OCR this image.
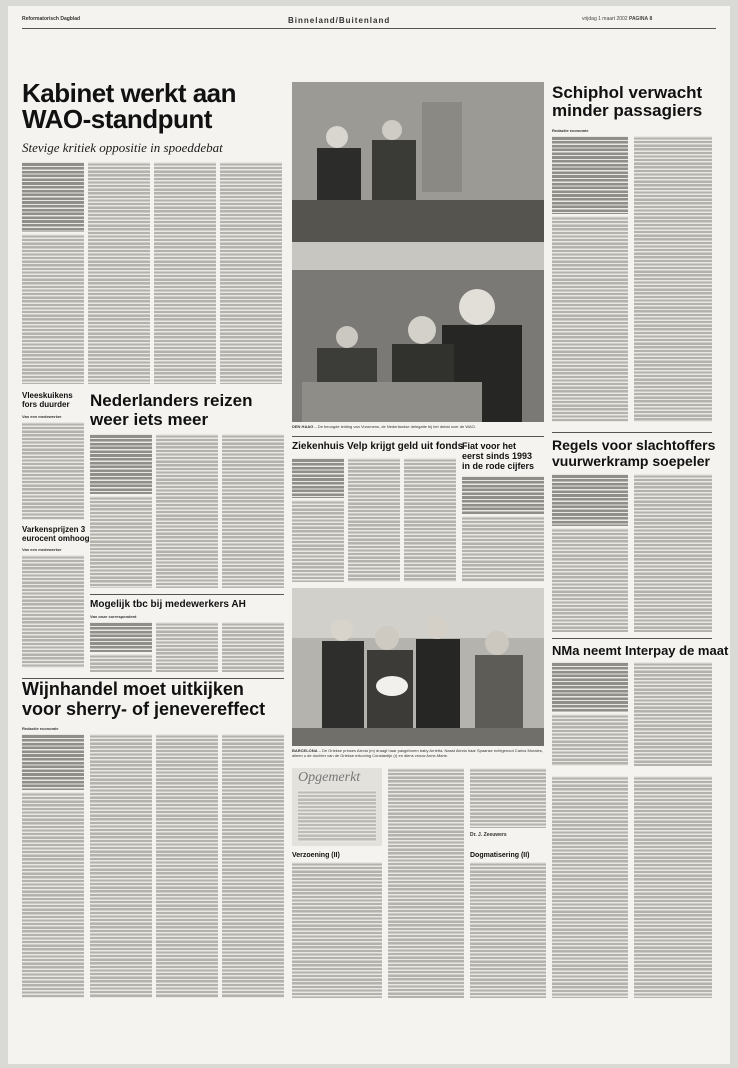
Reformatorisch Dagblad	Binneland/Buitenland	vrijdag 1 maart 2002 PAGINA 8
Kabinet werkt aan
WAO-standpunt
Stevige kritiek oppositie in spoeddebat
DEN HAAG – De beoogde leiding van Vroomens, de Nederlandse delegatie bij het debat over de WAO.
Schiphol verwacht
minder passagiers
Redactie economie
Vleeskuikens
fors duurder
Van een medewerker
Varkensprijzen 3
eurocent omhoog
Van een medewerker
Nederlanders reizen
weer iets meer
Mogelijk tbc bij medewerkers AH
Van onze correspondent
Ziekenhuis Velp krijgt geld uit fonds
Fiat voor het
eerst sinds 1993
in de rode cijfers
BARCELONA – De Griekse prinses Alexia (m) draagt haar pasgeboren baby Arrietta. Naast Alexia haar Spaanse echtgenoot Carlos Morales, alleen u de dochter van de Griekse exkoning Constantijn (r) en diens vrouw Anne-Marie.
Regels voor slachtoffers
vuurwerkramp soepeler
NMa neemt Interpay de maat
Wijnhandel moet uitkijken
voor sherry- of jenevereffect
Redactie economie
Opgemerkt
Verzoening (II)
Dr. J. Zeeuwers
Dogmatisering (II)
